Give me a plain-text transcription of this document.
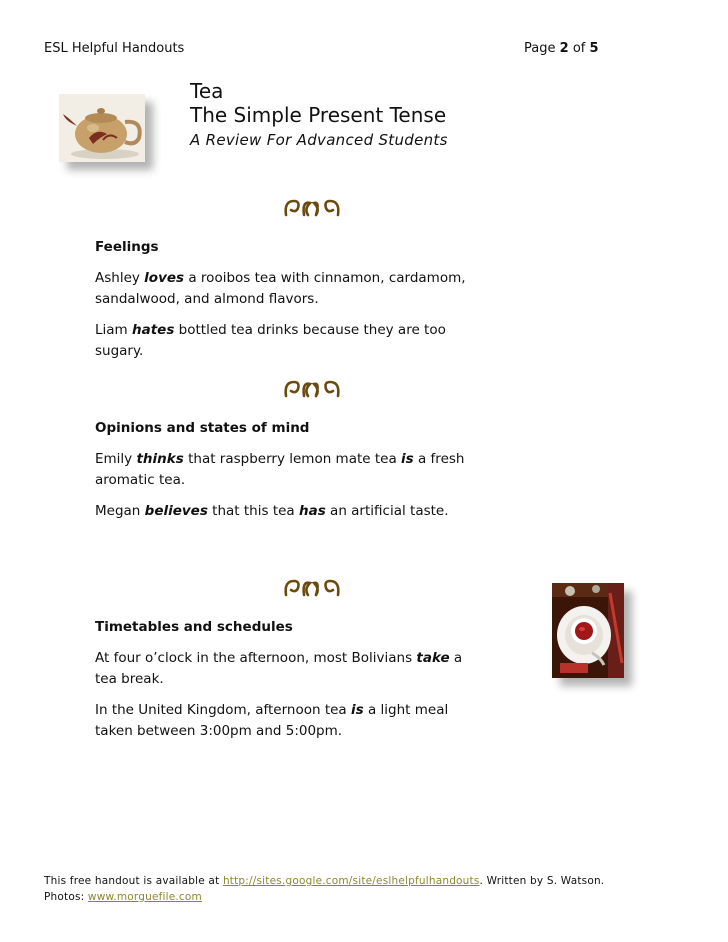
ESL Helpful Handouts	Page 2 of 5
Tea
The Simple Present Tense
A Review For Advanced Students
Feelings

Ashley loves a rooibos tea with cinnamon, cardamom, sandalwood, and almond flavors.

Liam hates bottled tea drinks because they are too sugary.

Opinions and states of mind

Emily thinks that raspberry lemon mate tea is a fresh aromatic tea.

Megan believes that this tea has an artificial taste.

Timetables and schedules

At four o’clock in the afternoon, most Bolivians take a tea break.

In the United Kingdom, afternoon tea is a light meal taken between 3:00pm and 5:00pm.

This free handout is available at http://sites.google.com/site/eslhelpfulhandouts. Written by S. Watson.
Photos: www.morguefile.com
